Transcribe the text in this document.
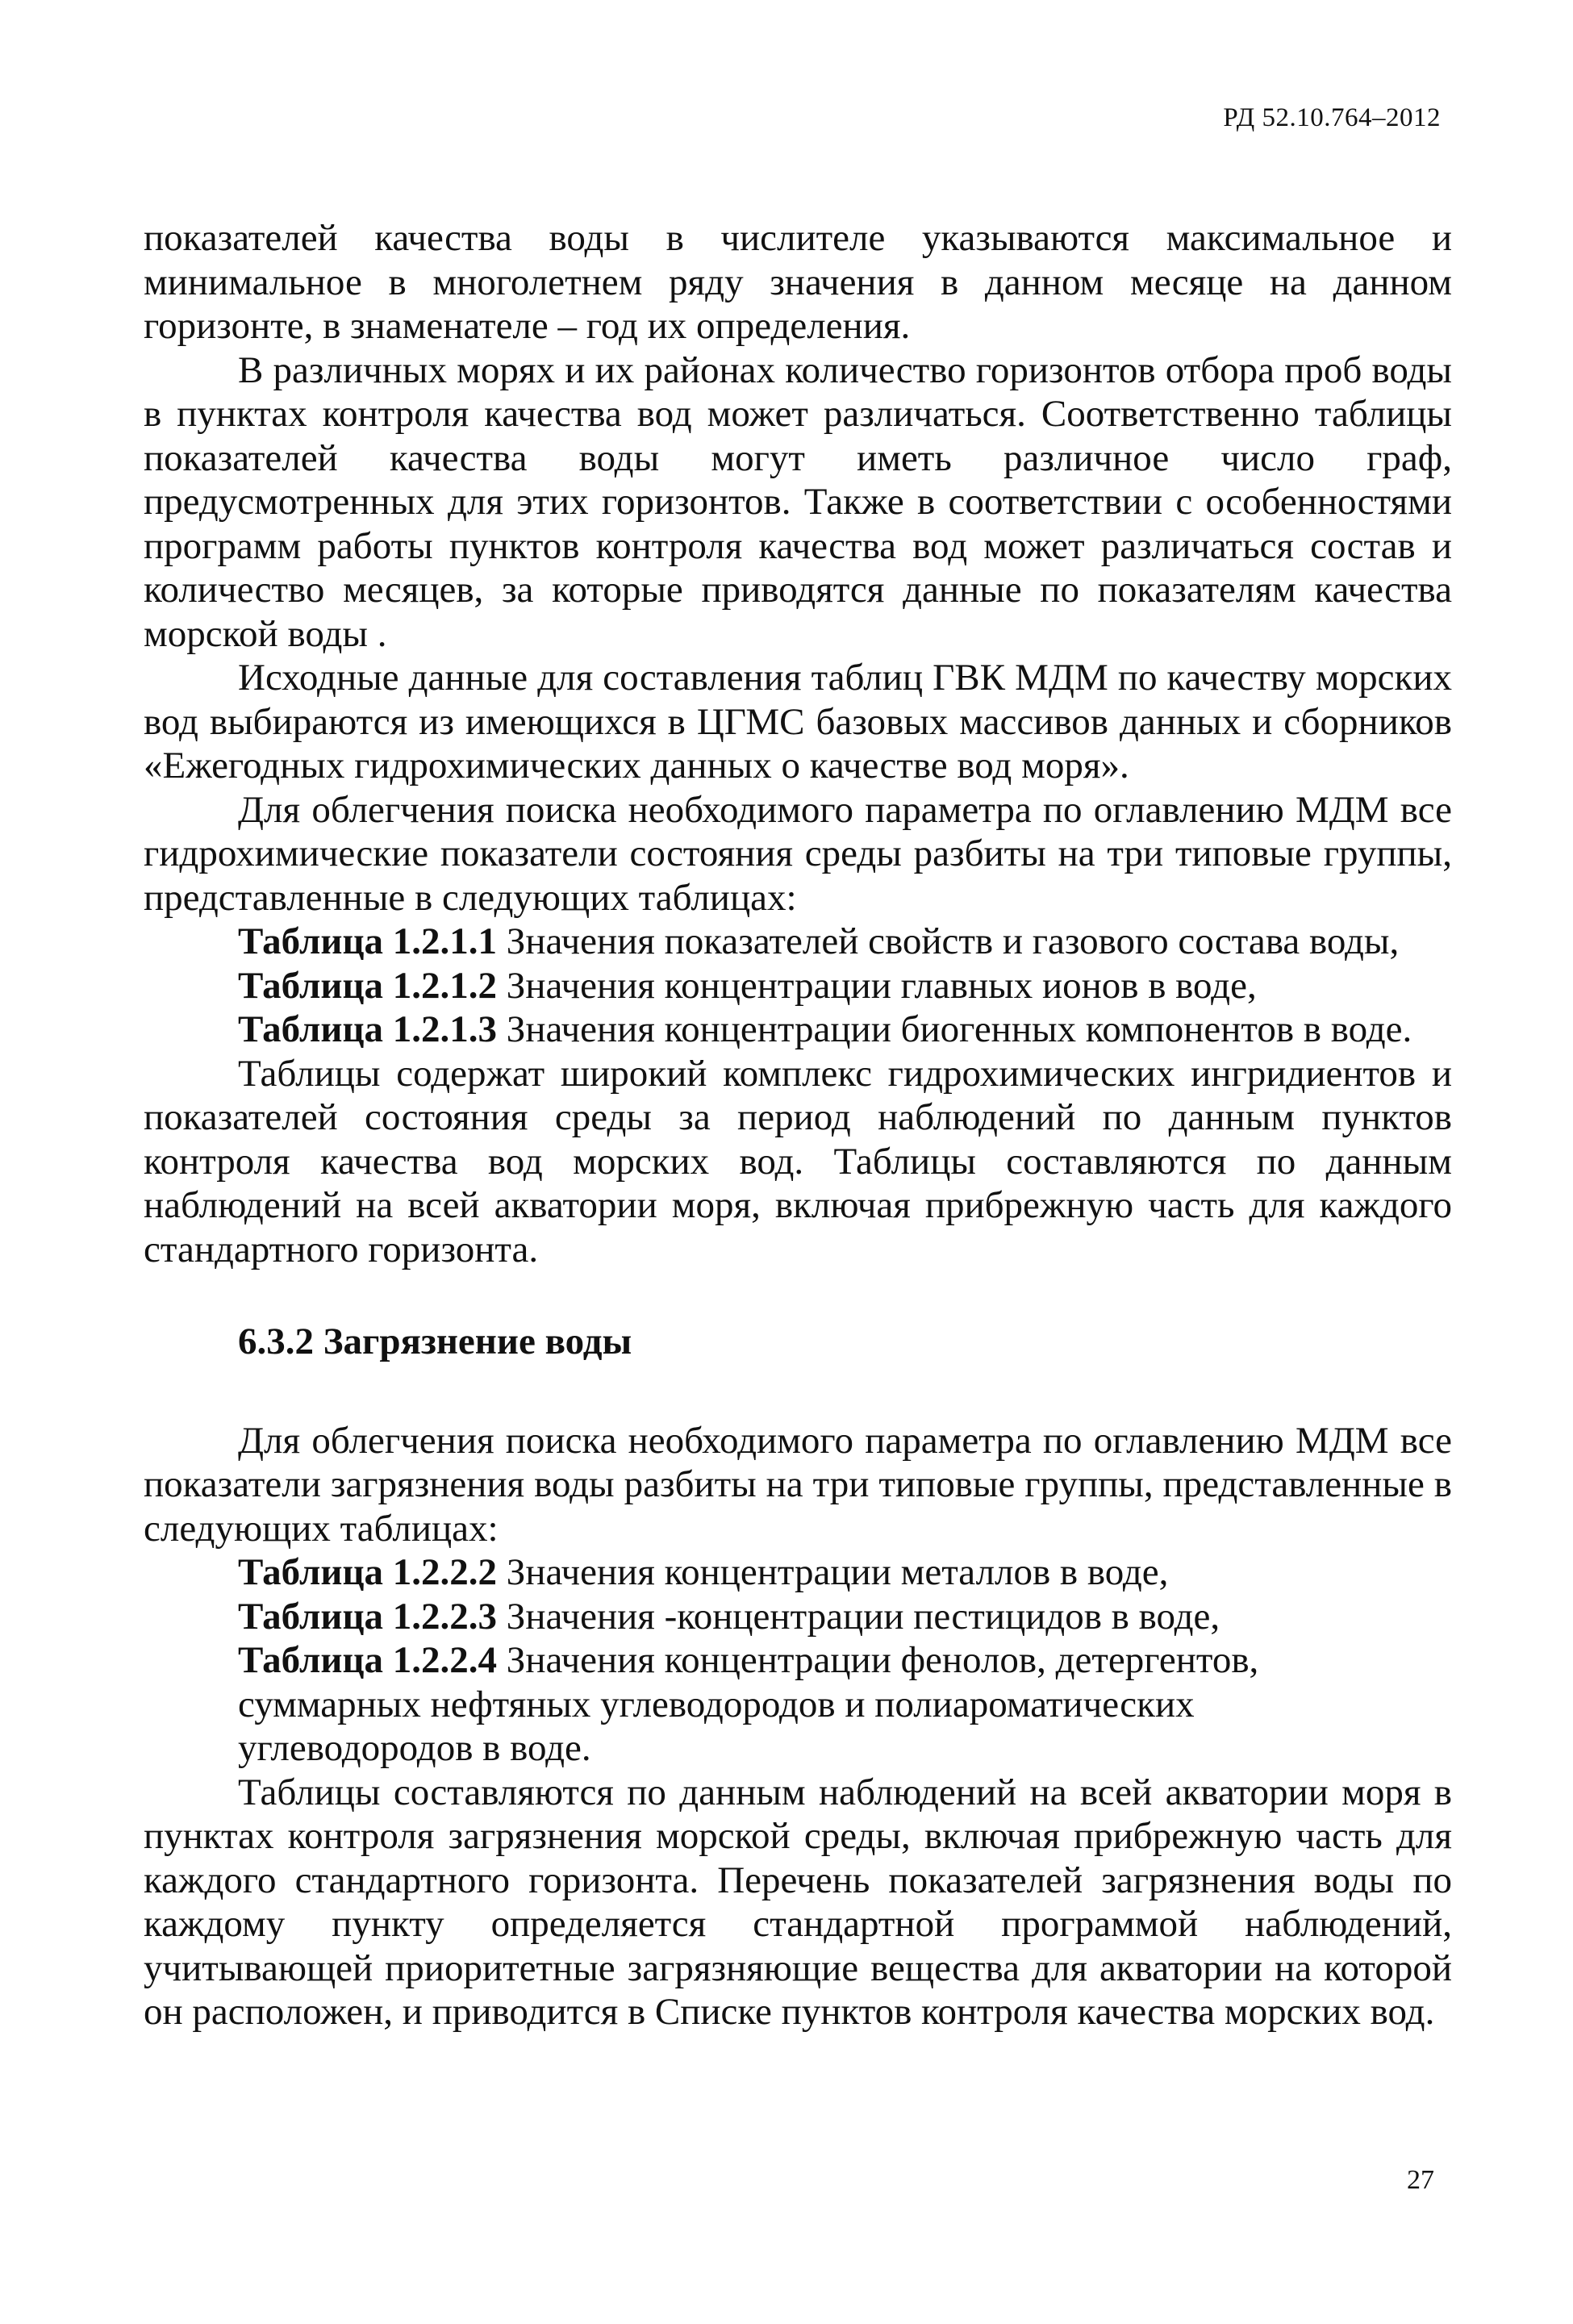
РД 52.10.764–2012

показателей качества воды в числителе указываются максимальное и минимальное в многолетнем ряду значения в данном месяце на данном горизонте, в знаменателе – год их определения.

В различных морях и их районах количество горизонтов отбора проб воды в пунктах контроля качества вод может различаться. Соответственно таблицы показателей качества воды могут иметь различное число граф, предусмотренных для этих горизонтов. Также в соответствии с особенностями программ работы пунктов контроля качества вод может различаться состав и количество месяцев, за которые приводятся данные по показателям качества морской воды .

Исходные данные для составления таблиц ГВК МДМ по качеству морских вод выбираются из имеющихся в ЦГМС базовых массивов данных и сборников «Ежегодных гидрохимических данных о качестве вод моря».

Для облегчения поиска необходимого параметра по оглавлению МДМ все гидрохимические показатели состояния среды разбиты на три типовые группы, представленные в следующих таблицах:

Таблица 1.2.1.1 Значения показателей свойств и газового состава воды,

Таблица 1.2.1.2 Значения концентрации главных ионов в воде,

Таблица 1.2.1.3 Значения концентрации биогенных компонентов в воде.

Таблицы содержат широкий комплекс гидрохимических ингридиентов и показателей состояния среды за период наблюдений по данным пунктов контроля качества вод морских вод. Таблицы составляются по данным наблюдений на всей акватории моря, включая прибрежную часть для каждого стандартного горизонта.

6.3.2 Загрязнение воды

Для облегчения поиска необходимого параметра по оглавлению МДМ все показатели загрязнения воды разбиты на три типовые группы, представленные в следующих таблицах:

Таблица 1.2.2.2 Значения концентрации металлов в воде,

Таблица 1.2.2.3 Значения -концентрации пестицидов в воде,

Таблица 1.2.2.4 Значения концентрации фенолов, детергентов,

суммарных нефтяных углеводородов и полиароматических

углеводородов в воде.

Таблицы составляются по данным наблюдений на всей акватории моря в пунктах контроля загрязнения морской среды, включая прибрежную часть для каждого стандартного горизонта. Перечень показателей загрязнения воды по каждому пункту определяется стандартной программой наблюдений, учитывающей приоритетные загрязняющие вещества для акватории на которой он расположен, и приводится в Списке пунктов контроля качества морских вод.

27
